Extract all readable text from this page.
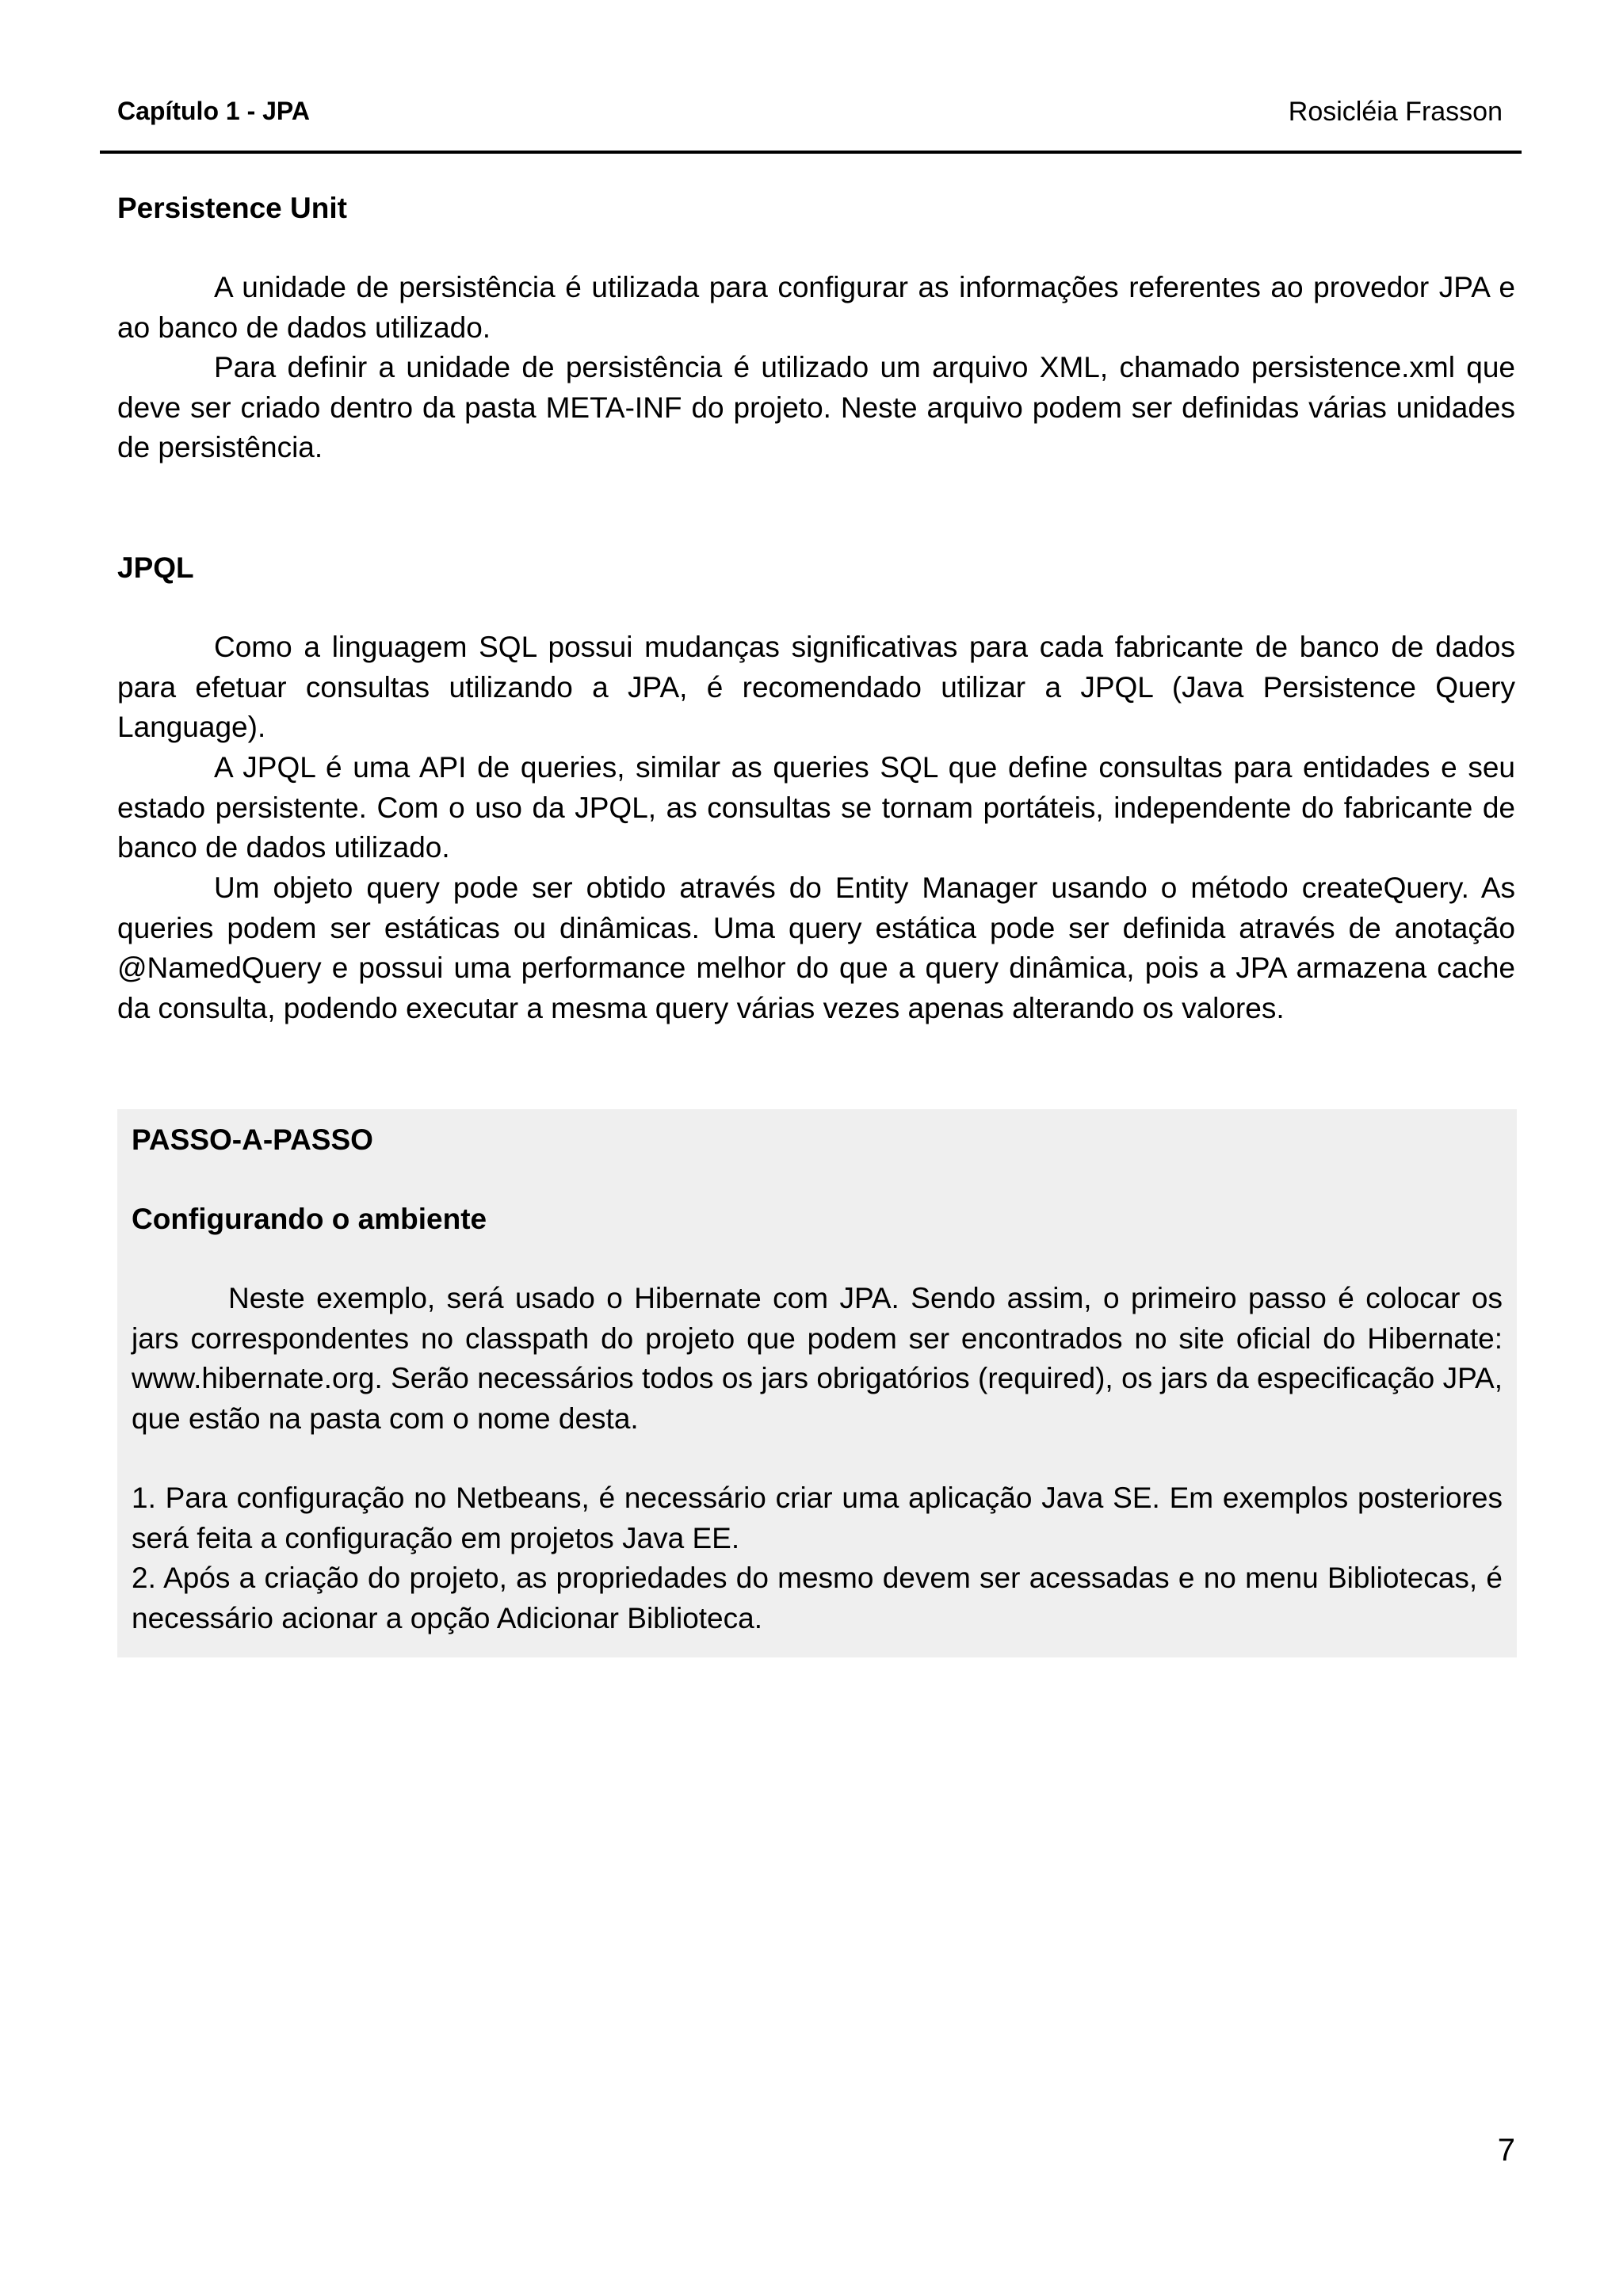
Capítulo 1 - JPA	Rosicléia Frasson
Persistence Unit

A unidade de persistência é utilizada para configurar as informações referentes ao provedor JPA e ao banco de dados utilizado.

Para definir a unidade de persistência é utilizado um arquivo XML, chamado persistence.xml que deve ser criado dentro da pasta META-INF do projeto. Neste arquivo podem ser definidas várias unidades de persistência.

JPQL

Como a linguagem SQL possui mudanças significativas para cada fabricante de banco de dados para efetuar consultas utilizando a JPA, é recomendado utilizar a JPQL (Java Persistence Query Language).

A JPQL é uma API de queries, similar as queries SQL que define consultas para entidades e seu estado persistente. Com o uso da JPQL, as consultas se tornam portáteis, independente do fabricante de banco de dados utilizado.

Um objeto query pode ser obtido através do Entity Manager usando o método createQuery. As queries podem ser estáticas ou dinâmicas. Uma query estática pode ser definida através de anotação @NamedQuery e possui uma performance melhor do que a query dinâmica, pois a JPA armazena cache da consulta, podendo executar a mesma query várias vezes apenas alterando os valores.

PASSO-A-PASSO
Configurando o ambiente

Neste exemplo, será usado o Hibernate com JPA. Sendo assim, o primeiro passo é colocar os jars correspondentes no classpath do projeto que podem ser encontrados no site oficial do Hibernate: www.hibernate.org. Serão necessários todos os jars obrigatórios (required), os jars da especificação JPA, que estão na pasta com o nome desta.

1. Para configuração no Netbeans, é necessário criar uma aplicação Java SE. Em exemplos posteriores será feita a configuração em projetos Java EE.

2. Após a criação do projeto, as propriedades do mesmo devem ser acessadas e no menu Bibliotecas, é necessário acionar a opção Adicionar Biblioteca.

7
